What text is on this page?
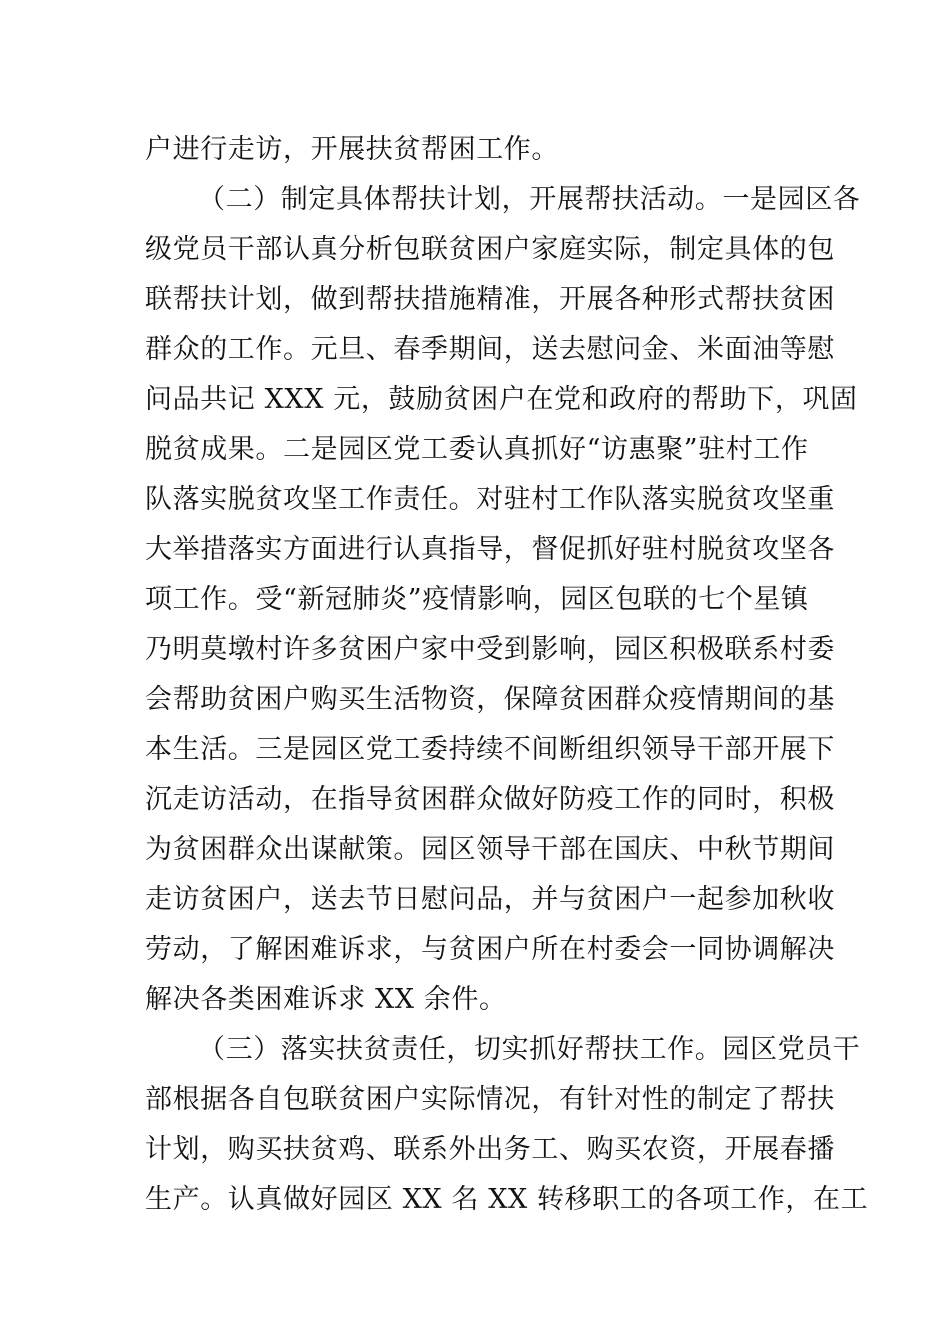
户进行走访，开展扶贫帮困工作。
（二）制定具体帮扶计划，开展帮扶活动。一是园区各
级党员干部认真分析包联贫困户家庭实际，制定具体的包
联帮扶计划，做到帮扶措施精准，开展各种形式帮扶贫困
群众的工作。元旦、春季期间，送去慰问金、米面油等慰
问品共记 XXX 元，鼓励贫困户在党和政府的帮助下，巩固
脱贫成果。二是园区党工委认真抓好“访惠聚”驻村工作
队落实脱贫攻坚工作责任。对驻村工作队落实脱贫攻坚重
大举措落实方面进行认真指导，督促抓好驻村脱贫攻坚各
项工作。受“新冠肺炎”疫情影响，园区包联的七个星镇
乃明莫墩村许多贫困户家中受到影响，园区积极联系村委
会帮助贫困户购买生活物资，保障贫困群众疫情期间的基
本生活。三是园区党工委持续不间断组织领导干部开展下
沉走访活动，在指导贫困群众做好防疫工作的同时，积极
为贫困群众出谋献策。园区领导干部在国庆、中秋节期间
走访贫困户，送去节日慰问品，并与贫困户一起参加秋收
劳动，了解困难诉求，与贫困户所在村委会一同协调解决
解决各类困难诉求 XX 余件。
（三）落实扶贫责任，切实抓好帮扶工作。园区党员干
部根据各自包联贫困户实际情况，有针对性的制定了帮扶
计划，购买扶贫鸡、联系外出务工、购买农资，开展春播
生产。认真做好园区 XX 名 XX 转移职工的各项工作，在工
